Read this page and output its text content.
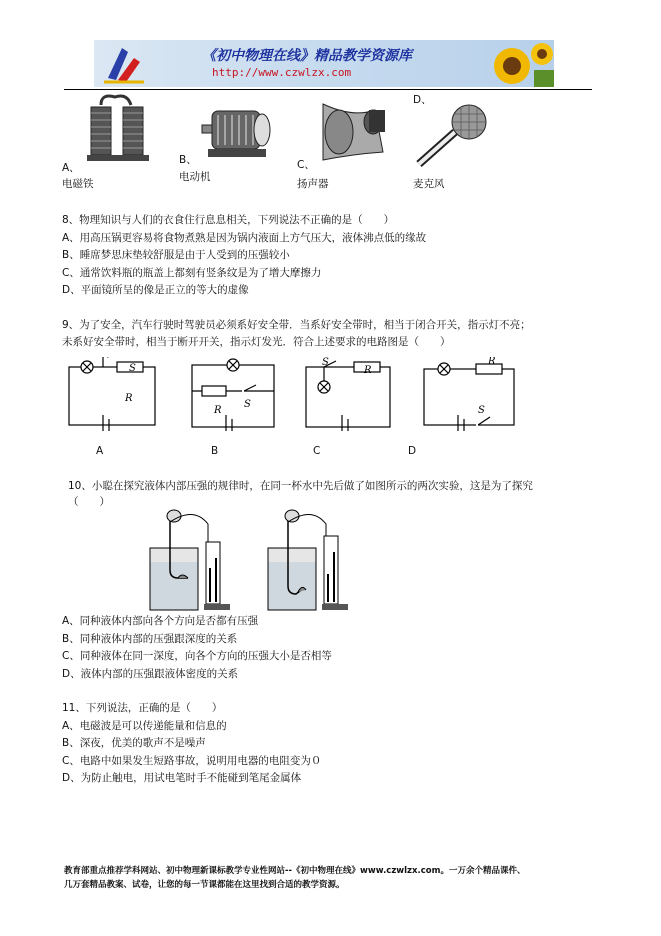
《初中物理在线》精品教学资源库
http://www.czwlzx.com
A、
电磁铁
B、
电动机
C、
扬声器
D、
麦克风
8、物理知识与人们的衣食住行息息相关，下列说法不正确的是（　　）
A、用高压锅更容易将食物煮熟是因为锅内液面上方气压大，液体沸点低的缘故
B、睡席梦思床垫较舒服是由于人受到的压强较小
C、通常饮料瓶的瓶盖上都刻有竖条纹是为了增大摩擦力
D、平面镜所呈的像是正立的等大的虚像
9、为了安全，汽车行驶时驾驶员必须系好安全带．当系好安全带时，相当于闭合开关，指示灯不亮；
未系好安全带时，相当于断开开关，指示灯发光．符合上述要求的电路图是（　　）
S
R
R
S
S
R
R
S
A	B	C	D
10、小聪在探究液体内部压强的规律时，在同一杯水中先后做了如图所示的两次实验，这是为了探究
（　　）
A、同种液体内部向各个方向是否都有压强
B、同种液体内部的压强跟深度的关系
C、同种液体在同一深度，向各个方向的压强大小是否相等
D、液体内部的压强跟液体密度的关系
11、下列说法，正确的是（　　）
A、电磁波是可以传递能量和信息的
B、深夜，优美的歌声不是噪声
C、电路中如果发生短路事故，说明用电器的电阻变为０
D、为防止触电，用试电笔时手不能碰到笔尾金属体
教育部重点推荐学科网站、初中物理新课标教学专业性网站--《初中物理在线》www.czwlzx.com。一万余个精品课件、
几万套精品教案、试卷，让您的每一节课都能在这里找到合适的教学资源。
